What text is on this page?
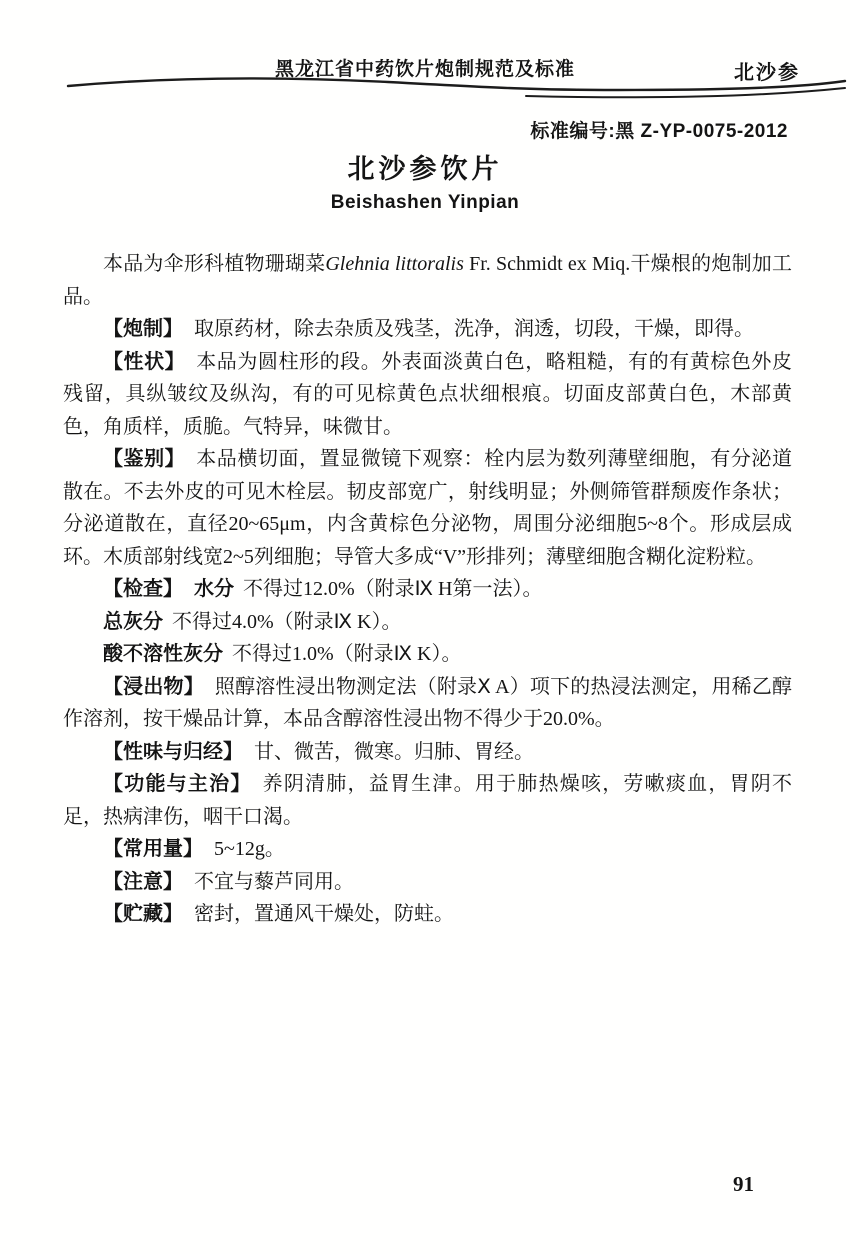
黑龙江省中药饮片炮制规范及标准	北沙参
标准编号:黑 Z-YP-0075-2012
北沙参饮片
Beishashen Yinpian

本品为伞形科植物珊瑚菜Glehnia littoralis Fr. Schmidt ex Miq.干燥根的炮制加工品。

【炮制】 取原药材，除去杂质及残茎，洗净，润透，切段，干燥，即得。

【性状】 本品为圆柱形的段。外表面淡黄白色，略粗糙，有的有黄棕色外皮残留，具纵皱纹及纵沟，有的可见棕黄色点状细根痕。切面皮部黄白色，木部黄色，角质样，质脆。气特异，味微甘。

【鉴别】 本品横切面，置显微镜下观察：栓内层为数列薄壁细胞，有分泌道散在。不去外皮的可见木栓层。韧皮部宽广，射线明显；外侧筛管群颓废作条状；分泌道散在，直径20~65μm，内含黄棕色分泌物，周围分泌细胞5~8个。形成层成环。木质部射线宽2~5列细胞；导管大多成“V”形排列；薄壁细胞含糊化淀粉粒。

【检查】 水分 不得过12.0%（附录Ⅸ H第一法）。

总灰分 不得过4.0%（附录Ⅸ K）。

酸不溶性灰分 不得过1.0%（附录Ⅸ K）。

【浸出物】 照醇溶性浸出物测定法（附录Ⅹ A）项下的热浸法测定，用稀乙醇作溶剂，按干燥品计算，本品含醇溶性浸出物不得少于20.0%。

【性味与归经】 甘、微苦，微寒。归肺、胃经。

【功能与主治】 养阴清肺，益胃生津。用于肺热燥咳，劳嗽痰血，胃阴不足，热病津伤，咽干口渴。

【常用量】 5~12g。

【注意】 不宜与藜芦同用。

【贮藏】 密封，置通风干燥处，防蛀。

91
